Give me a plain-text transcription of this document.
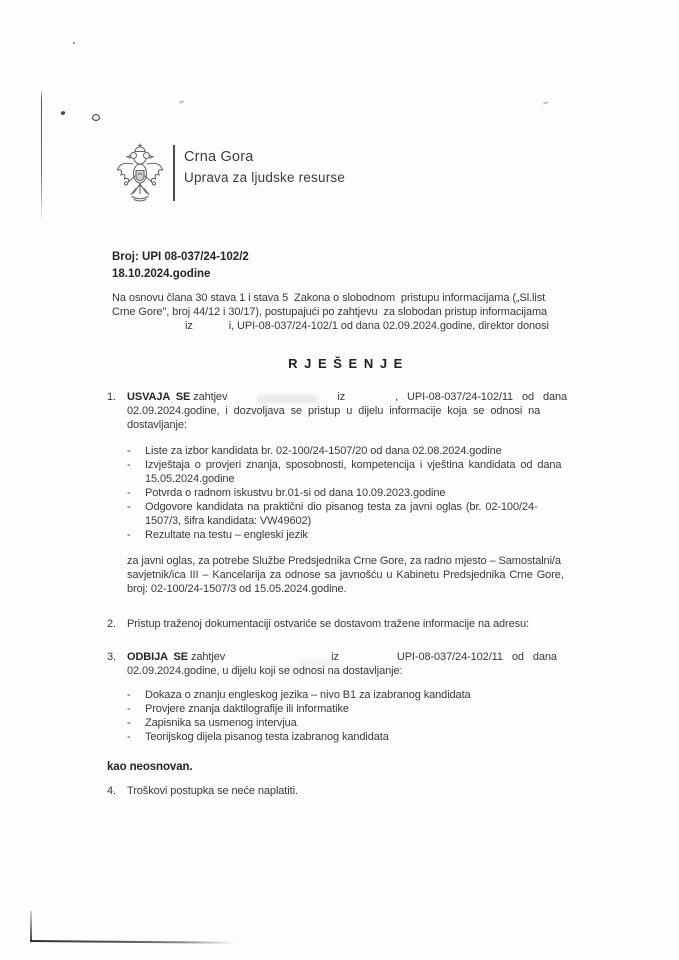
Crna Gora
Uprava za ljudske resurse
Broj: UPI 08-037/24-102/2
18.10.2024.godine
Na osnovu člana 30 stava 1 i stava 5  Zakona o slobodnom  pristupu informacijama („Sl.list
Crne Gore", broj 44/12 i 30/17), postupajući po zahtjevu  za slobodan pristup informacijama
iz	i, UPI-08-037/24-102/1 od dana 02.09.2024.godine, direktor donosi
R J E Š E N J E
1.	USVAJA SE zahtjev	iz	, UPI-08-037/24-102/11 od dana
02.09.2024.godine, i dozvoljava se pristup u dijelu informacije koja se odnosi na
dostavljanje:
-	Liste za izbor kandidata br. 02-100/24-1507/20 od dana 02.08.2024.godine
-	Izvještaja o provjeri znanja, sposobnosti, kompetencija i vještina kandidata od dana
15.05.2024.godine
-	Potvrda o radnom iskustvu br.01-si od dana 10.09.2023.godine
-	Odgovore kandidata na praktični dio pisanog testa za javni oglas (br. 02-100/24-
1507/3, šifra kandidata: VW49602)
-	Rezultate na testu – engleski jezik
za javni oglas, za potrebe Službe Predsjednika Crne Gore, za radno mjesto – Samostalni/a
savjetnik/ica III – Kancelarija za odnose sa javnošću u Kabinetu Predsjednika Crne Gore,
broj: 02-100/24-1507/3 od 15.05.2024.godine.
2.	Pristup traženoj dokumentaciji ostvariće se dostavom tražene informacije na adresu:
3.	ODBIJA SE zahtjev	iz	UPI-08-037/24-102/11 od dana
02.09.2024.godine, u dijelu koji se odnosi na dostavljanje:
-	Dokaza o znanju engleskog jezika – nivo B1 za izabranog kandidata
-	Provjere znanja daktilografije ili informatike
-	Zapisnika sa usmenog intervjua
-	Teorijskog dijela pisanog testa izabranog kandidata
kao neosnovan.
4.	Troškovi postupka se neće naplatiti.
